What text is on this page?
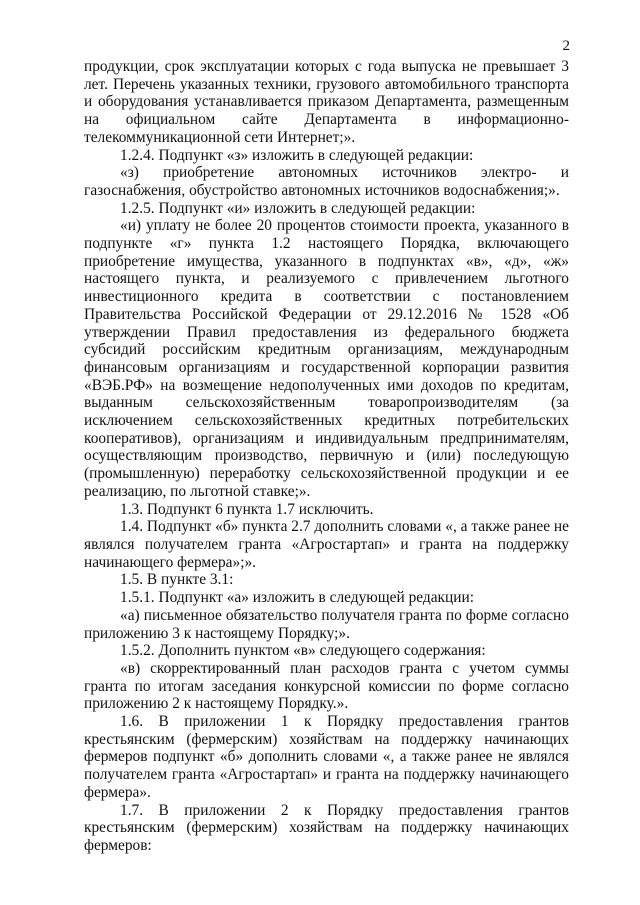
2

продукции, срок эксплуатации которых с года выпуска не превышает 3 лет. Перечень указанных техники, грузового автомобильного транспорта и оборудования устанавливается приказом Департамента, размещенным на официальном сайте Департамента в информационно-телекоммуникационной сети Интернет;».

1.2.4. Подпункт «з» изложить в следующей редакции:

«з) приобретение автономных источников электро- и газоснабжения, обустройство автономных источников водоснабжения;».

1.2.5. Подпункт «и» изложить в следующей редакции:

«и) уплату не более 20 процентов стоимости проекта, указанного в подпункте «г» пункта 1.2 настоящего Порядка, включающего приобретение имущества, указанного в подпунктах «в», «д», «ж» настоящего пункта, и реализуемого с привлечением льготного инвестиционного кредита в соответствии с постановлением Правительства Российской Федерации от 29.12.2016 № 1528 «Об утверждении Правил предоставления из федерального бюджета субсидий российским кредитным организациям, международным финансовым организациям и государственной корпорации развития «ВЭБ.РФ» на возмещение недополученных ими доходов по кредитам, выданным сельскохозяйственным товаропроизводителям (за исключением сельскохозяйственных кредитных потребительских кооперативов), организациям и индивидуальным предпринимателям, осуществляющим производство, первичную и (или) последующую (промышленную) переработку сельскохозяйственной продукции и ее реализацию, по льготной ставке;».

1.3. Подпункт 6 пункта 1.7 исключить.

1.4. Подпункт «б» пункта 2.7 дополнить словами «, а также ранее не являлся получателем гранта «Агростартап» и гранта на поддержку начинающего фермера»;».

1.5. В пункте 3.1:

1.5.1. Подпункт «а» изложить в следующей редакции:

«а) письменное обязательство получателя гранта по форме согласно приложению 3 к настоящему Порядку;».

1.5.2. Дополнить пунктом «в» следующего содержания:

«в) скорректированный план расходов гранта с учетом суммы гранта по итогам заседания конкурсной комиссии по форме согласно приложению 2 к настоящему Порядку.».

1.6. В приложении 1 к Порядку предоставления грантов крестьянским (фермерским) хозяйствам на поддержку начинающих фермеров подпункт «б» дополнить словами «, а также ранее не являлся получателем гранта «Агростартап» и гранта на поддержку начинающего фермера».

1.7. В приложении 2 к Порядку предоставления грантов крестьянским (фермерским) хозяйствам на поддержку начинающих фермеров:
